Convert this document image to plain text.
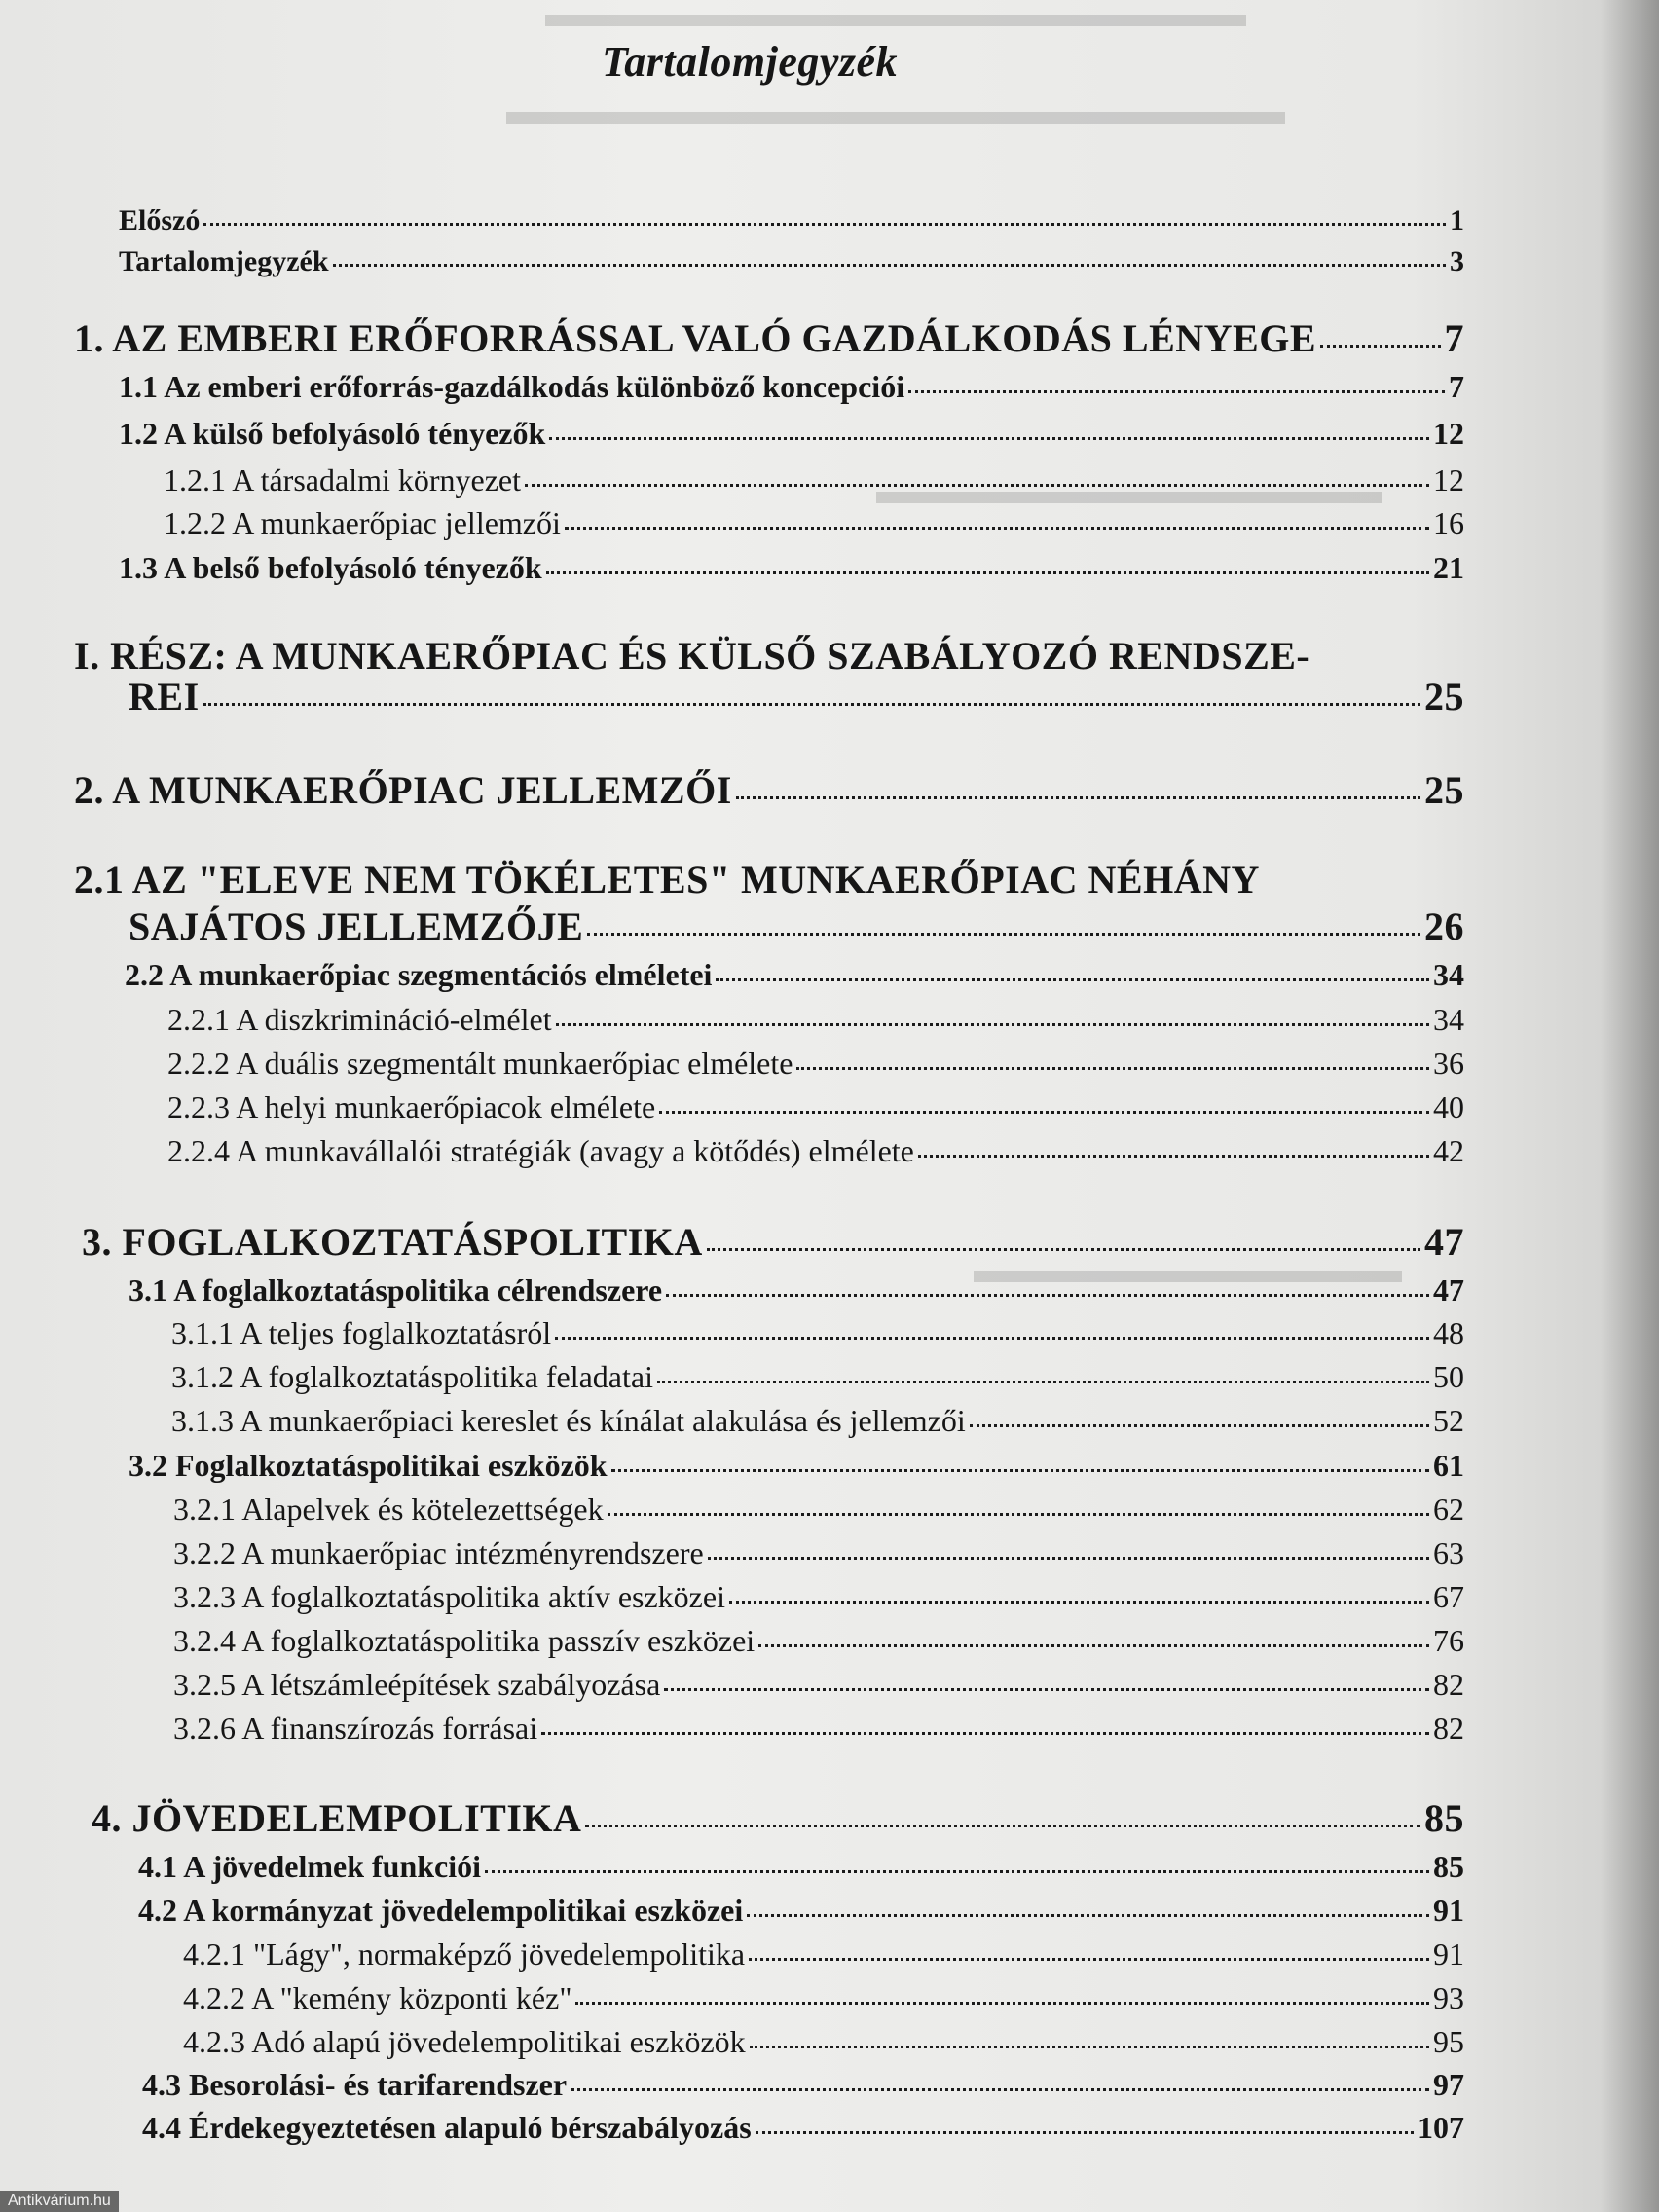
▬▬▬▬▬▬▬▬▬▬▬▬▬▬▬▬▬▬
▬▬▬▬▬▬▬▬▬▬▬▬▬▬▬▬▬▬▬▬
▬▬▬▬▬▬▬▬▬▬▬▬▬
▬▬▬▬▬▬▬▬▬▬▬
Tartalomjegyzék
Előszó	1
Tartalomjegyzék	3
1. AZ EMBERI ERŐFORRÁSSAL VALÓ GAZDÁLKODÁS LÉNYEGE	7
1.1 Az emberi erőforrás-gazdálkodás különböző koncepciói	7
1.2 A külső befolyásoló tényezők	12
1.2.1 A társadalmi környezet	12
1.2.2 A munkaerőpiac jellemzői	16
1.3 A belső befolyásoló tényezők	21
I. RÉSZ: A MUNKAERŐPIAC ÉS KÜLSŐ SZABÁLYOZÓ RENDSZE-
REI	25
2. A MUNKAERŐPIAC JELLEMZŐI	25
2.1 AZ "ELEVE NEM TÖKÉLETES" MUNKAERŐPIAC NÉHÁNY
SAJÁTOS JELLEMZŐJE	26
2.2 A munkaerőpiac szegmentációs elméletei	34
2.2.1 A diszkrimináció-elmélet	34
2.2.2 A duális szegmentált munkaerőpiac elmélete	36
2.2.3 A helyi munkaerőpiacok elmélete	40
2.2.4 A munkavállalói stratégiák (avagy a kötődés) elmélete	42
3. FOGLALKOZTATÁSPOLITIKA	47
3.1 A foglalkoztatáspolitika célrendszere	47
3.1.1 A teljes foglalkoztatásról	48
3.1.2 A foglalkoztatáspolitika feladatai	50
3.1.3 A munkaerőpiaci kereslet és kínálat alakulása és jellemzői	52
3.2 Foglalkoztatáspolitikai eszközök	61
3.2.1 Alapelvek és kötelezettségek	62
3.2.2 A munkaerőpiac intézményrendszere	63
3.2.3 A foglalkoztatáspolitika aktív eszközei	67
3.2.4 A foglalkoztatáspolitika passzív eszközei	76
3.2.5 A létszámleépítések szabályozása	82
3.2.6 A finanszírozás forrásai	82
4. JÖVEDELEMPOLITIKA	85
4.1 A jövedelmek funkciói	85
4.2 A kormányzat jövedelempolitikai eszközei	91
4.2.1 "Lágy", normaképző jövedelempolitika	91
4.2.2 A "kemény központi kéz"	93
4.2.3 Adó alapú jövedelempolitikai eszközök	95
4.3 Besorolási- és tarifarendszer	97
4.4 Érdekegyeztetésen alapuló bérszabályozás	107
Antikvárium.hu
